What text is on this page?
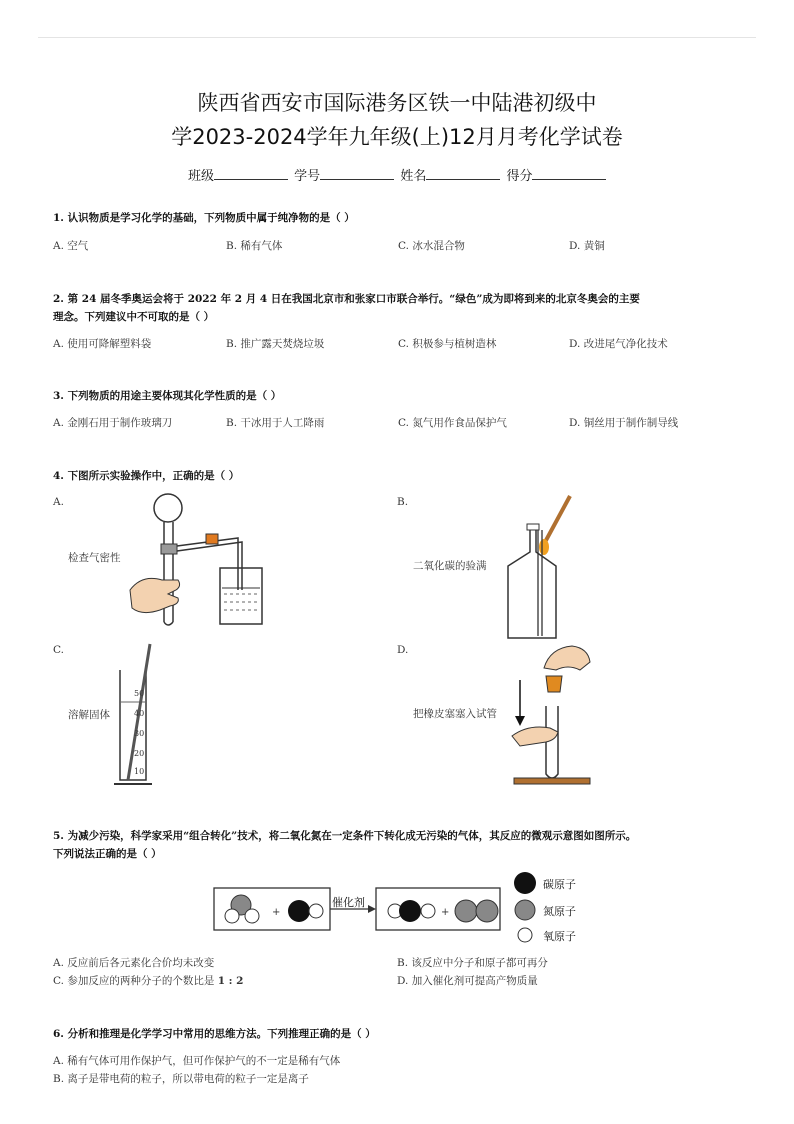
陕西省西安市国际港务区铁一中陆港初级中
学2023-2024学年九年级(上)12月月考化学试卷
班级	学号	姓名	得分
1. 认识物质是学习化学的基础，下列物质中属于纯净物的是（ ）
A. 空气	B. 稀有气体	C. 冰水混合物	D. 黄铜
2. 第 24 届冬季奥运会将于 2022 年 2 月 4 日在我国北京市和张家口市联合举行。“绿色”成为即将到来的北京冬奥会的主要
理念。下列建议中不可取的是（ ）
A. 使用可降解塑料袋	B. 推广露天焚烧垃圾	C. 积极参与植树造林	D. 改进尾气净化技术
3. 下列物质的用途主要体现其化学性质的是（ ）
A. 金刚石用于制作玻璃刀	B. 干冰用于人工降雨	C. 氮气用作食品保护气	D. 铜丝用于制作制导线
4. 下图所示实验操作中，正确的是（ ）
A.
检查气密性
B.
二氧化碳的验满
C.
溶解固体
50
40
30
20
10
D.
把橡皮塞塞入试管
5. 为减少污染，科学家采用“组合转化”技术，将二氧化氮在一定条件下转化成无污染的气体，其反应的微观示意图如图所示。
下列说法正确的是（ ）
+
催化剂
+
碳原子
氮原子
氧原子
A. 反应前后各元素化合价均未改变	B. 该反应中分子和原子都可再分
C. 参加反应的两种分子的个数比是 1 : 2	D. 加入催化剂可提高产物质量
6. 分析和推理是化学学习中常用的思维方法。下列推理正确的是（ ）
A. 稀有气体可用作保护气，但可作保护气的不一定是稀有气体
B. 离子是带电荷的粒子，所以带电荷的粒子一定是离子
